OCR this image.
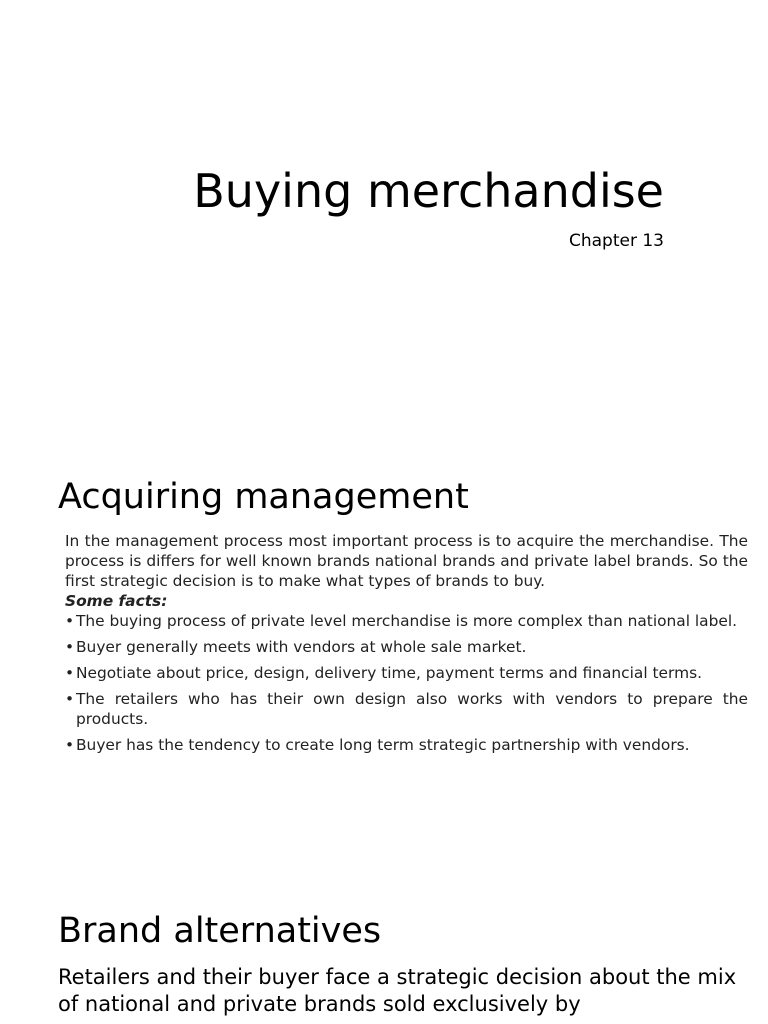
Buying merchandise

Chapter 13

Acquiring management

In the management process most important process is to acquire the merchandise. The process is differs for well known brands national brands and private label brands. So the first strategic decision is to make what types of brands to buy.

Some facts:

• The buying process of private level merchandise is more complex than national label.
• Buyer generally meets with vendors at whole sale market.
• Negotiate about price, design, delivery time, payment terms and financial terms.
• The retailers who has their own design also works with vendors to prepare the products.
• Buyer has the tendency to create long term strategic partnership with vendors.
Brand alternatives

Retailers and their buyer face a strategic decision about the mix of national and private brands sold exclusively by
